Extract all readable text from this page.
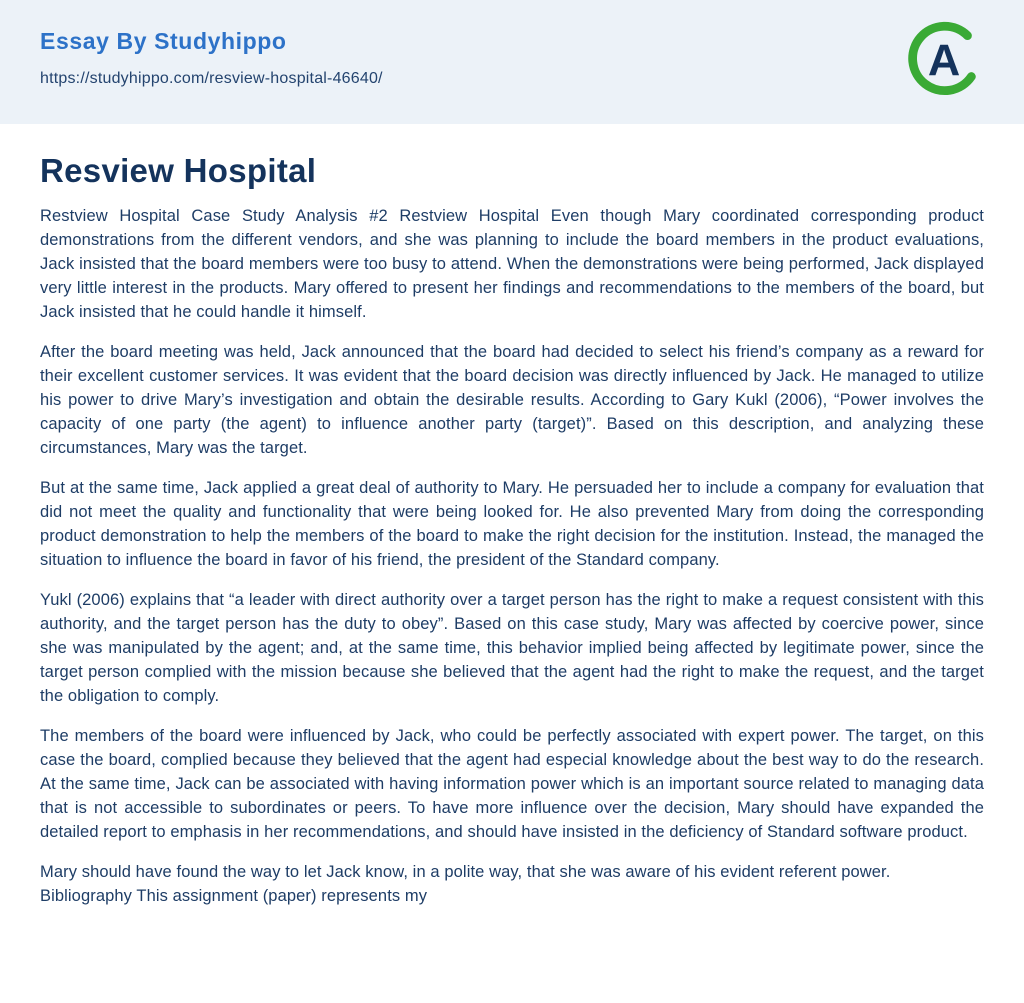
Essay By Studyhippo
https://studyhippo.com/resview-hospital-46640/	A
Resview Hospital

Restview Hospital Case Study Analysis #2 Restview Hospital Even though Mary coordinated corresponding product demonstrations from the different vendors, and she was planning to include the board members in the product evaluations, Jack insisted that the board members were too busy to attend. When the demonstrations were being performed, Jack displayed very little interest in the products. Mary offered to present her findings and recommendations to the members of the board, but Jack insisted that he could handle it himself.

After the board meeting was held, Jack announced that the board had decided to select his friend’s company as a reward for their excellent customer services. It was evident that the board decision was directly influenced by Jack. He managed to utilize his power to drive Mary’s investigation and obtain the desirable results. According to Gary Kukl (2006), “Power involves the capacity of one party (the agent) to influence another party (target)”. Based on this description, and analyzing these circumstances, Mary was the target.

But at the same time, Jack applied a great deal of authority to Mary. He persuaded her to include a company for evaluation that did not meet the quality and functionality that were being looked for. He also prevented Mary from doing the corresponding product demonstration to help the members of the board to make the right decision for the institution. Instead, the managed the situation to influence the board in favor of his friend, the president of the Standard company.

Yukl (2006) explains that “a leader with direct authority over a target person has the right to make a request consistent with this authority, and the target person has the duty to obey”. Based on this case study, Mary was affected by coercive power, since she was manipulated by the agent; and, at the same time, this behavior implied being affected by legitimate power, since the target person complied with the mission because she believed that the agent had the right to make the request, and the target the obligation to comply.

The members of the board were influenced by Jack, who could be perfectly associated with expert power. The target, on this case the board, complied because they believed that the agent had especial knowledge about the best way to do the research. At the same time, Jack can be associated with having information power which is an important source related to managing data that is not accessible to subordinates or peers. To have more influence over the decision, Mary should have expanded the detailed report to emphasis in her recommendations, and should have insisted in the deficiency of Standard software product.

Mary should have found the way to let Jack know, in a polite way, that she was aware of his evident referent power. Bibliography This assignment (paper) represents my
